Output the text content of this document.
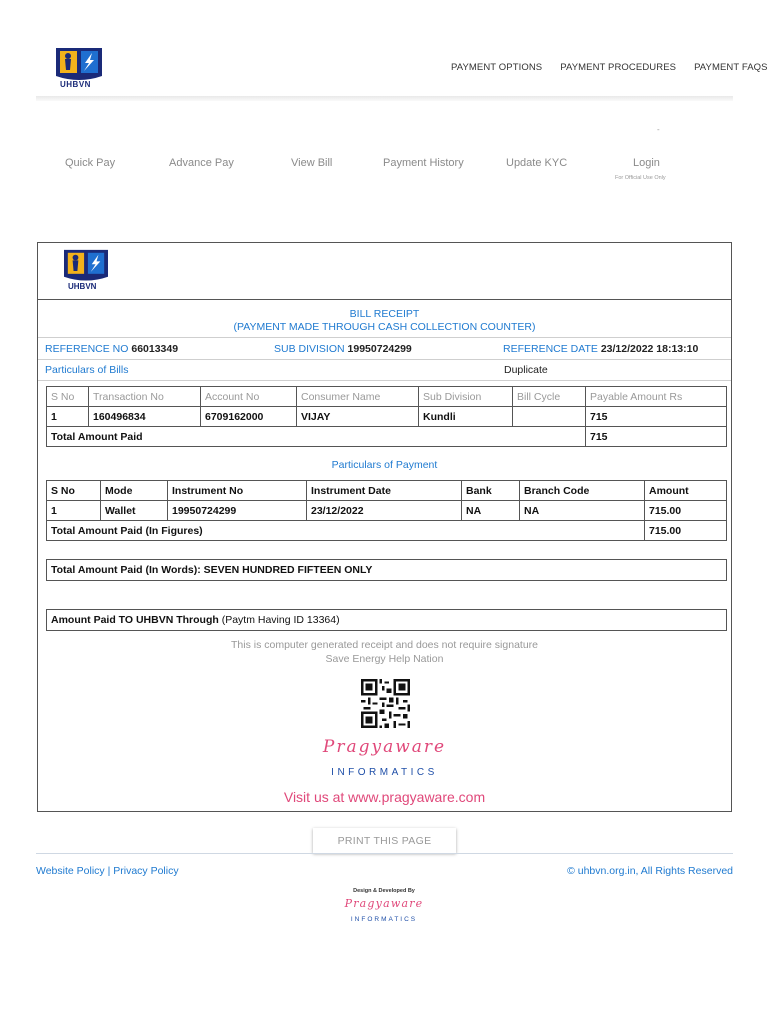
UHBVN
PAYMENT OPTIONS PAYMENT PROCEDURES PAYMENT FAQS
-
Quick Pay	Advance Pay	View Bill	Payment History	Update KYC	Login
For Official Use Only
UHBVN
BILL RECEIPT
(PAYMENT MADE THROUGH CASH COLLECTION COUNTER)
REFERENCE NO 66013349	SUB DIVISION 19950724299	REFERENCE DATE 23/12/2022 18:13:10
Particulars of Bills	Duplicate
S No	Transaction No	Account No	Consumer Name	Sub Division	Bill Cycle	Payable Amount Rs
1	160496834	6709162000	VIJAY	Kundli		715
Total Amount Paid						715
Particulars of Payment
S No	Mode	Instrument No	Instrument Date	Bank	Branch Code	Amount
1	Wallet	19950724299	23/12/2022	NA	NA	715.00
Total Amount Paid (In Figures)						715.00
Total Amount Paid (In Words): SEVEN HUNDRED FIFTEEN ONLY
Amount Paid TO UHBVN Through
(Paytm Having ID 13364)
This is computer generated receipt and does not require signature
Save Energy Help Nation
Pragyaware
INFORMATICS
Visit us at www.pragyaware.com
PRINT THIS PAGE
Website Policy | Privacy Policy	© uhbvn.org.in, All Rights Reserved
Design & Developed By
Pragyaware
INFORMATICS
